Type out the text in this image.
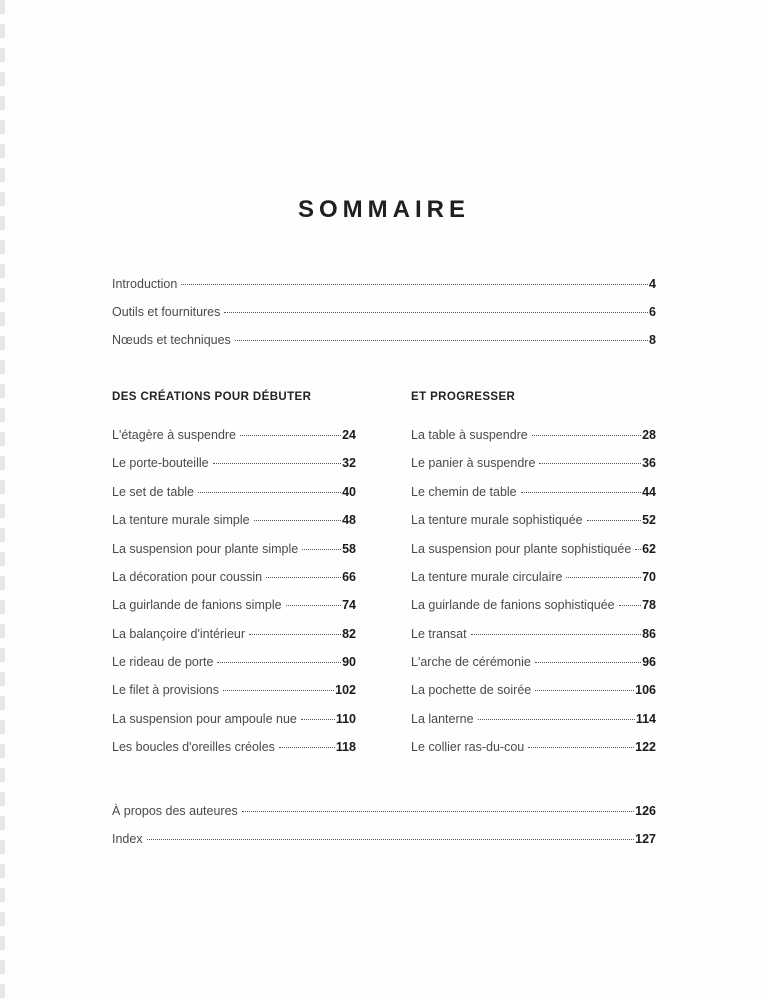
SOMMAIRE
Introduction	4
Outils et fournitures	6
Nœuds et techniques	8
DES CRÉATIONS POUR DÉBUTER	ET PROGRESSER
L'étagère à suspendre	24
Le porte-bouteille	32
Le set de table	40
La tenture murale simple	48
La suspension pour plante simple	58
La décoration pour coussin	66
La guirlande de fanions simple	74
La balançoire d'intérieur	82
Le rideau de porte	90
Le filet à provisions	102
La suspension pour ampoule nue	110
Les boucles d'oreilles créoles	118
La table à suspendre	28
Le panier à suspendre	36
Le chemin de table	44
La tenture murale sophistiquée	52
La suspension pour plante sophistiquée 62
La tenture murale circulaire	70
La guirlande de fanions sophistiquée 78
Le transat	86
L'arche de cérémonie	96
La pochette de soirée	106
La lanterne	114
Le collier ras-du-cou	122
À propos des auteures	126
Index	127
